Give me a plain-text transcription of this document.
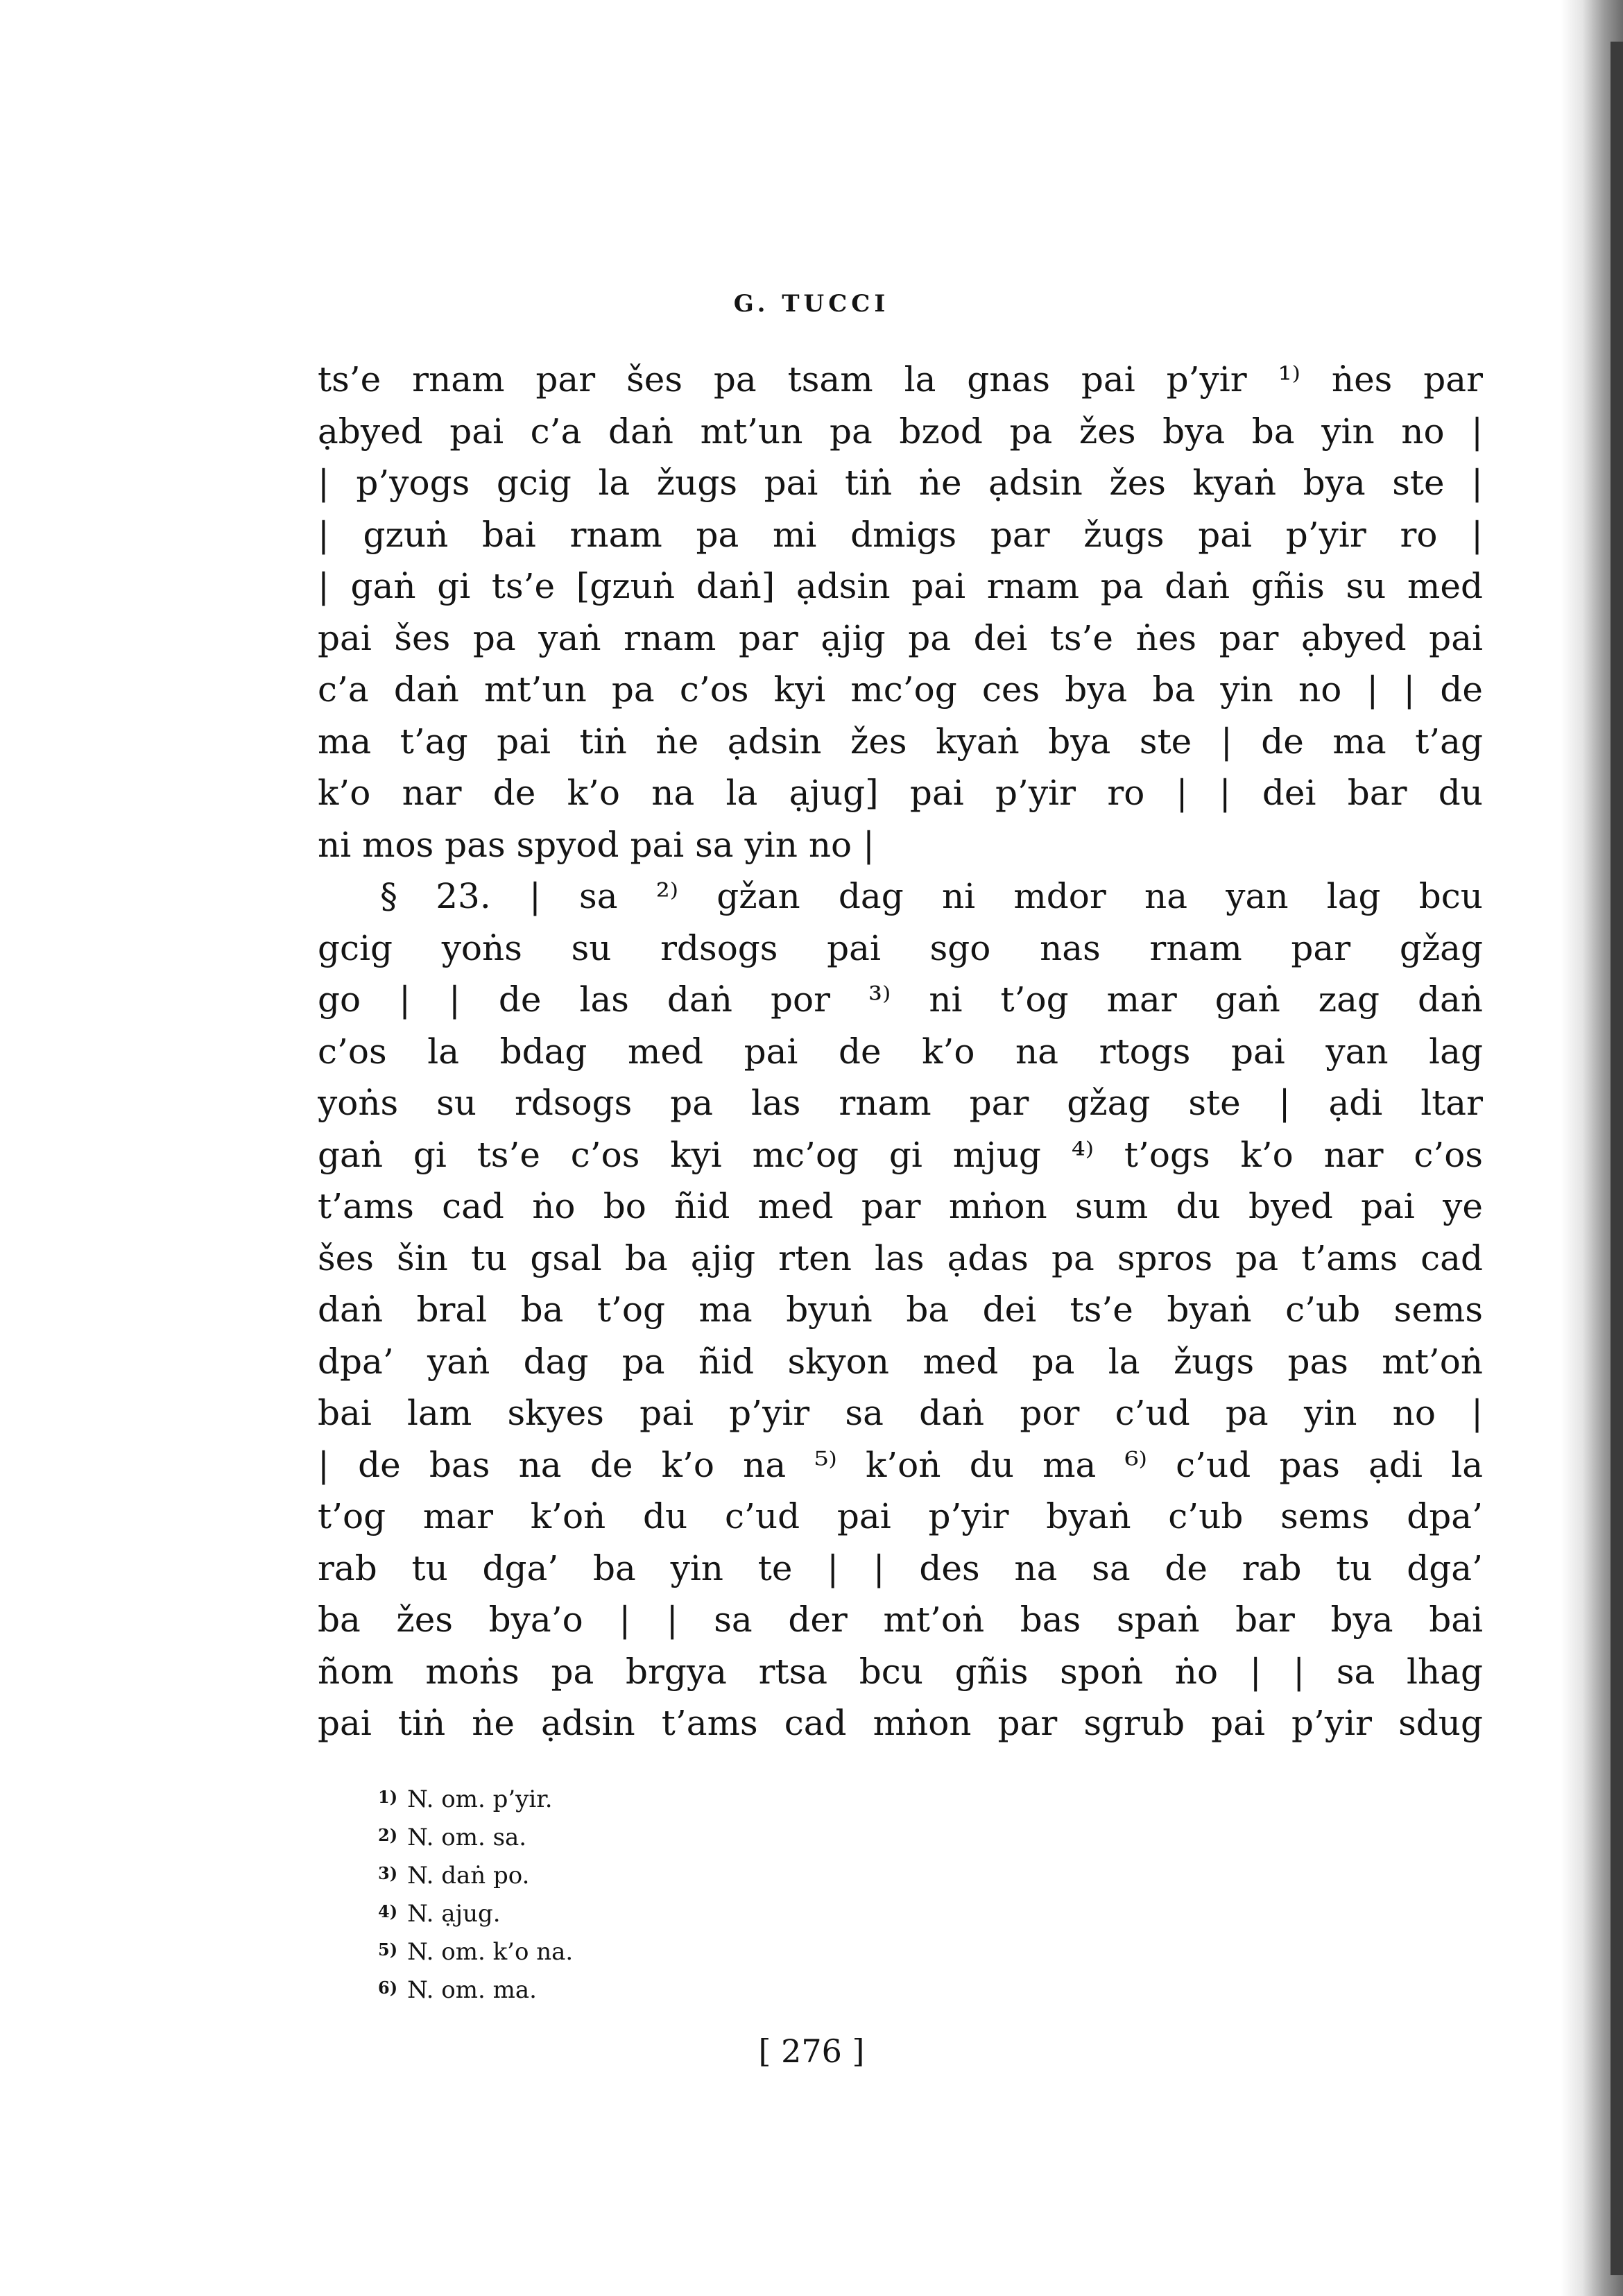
G. TUCCI
ts’e rnam par šes pa tsam la gnas pai p’yir ¹⁾ ṅes par
ạbyed pai c’a daṅ mt’un pa bzod pa žes bya ba yin no |
| p’yogs gcig la žugs pai tiṅ ṅe ạdsin žes kyaṅ bya ste |
| gzuṅ bai rnam pa mi dmigs par žugs pai p’yir ro |
| gaṅ gi ts’e [gzuṅ daṅ] ạdsin pai rnam pa daṅ gñis su med
pai šes pa yaṅ rnam par ạjig pa dei ts’e ṅes par ạbyed pai
c’a daṅ mt’un pa c’os kyi mc’og ces bya ba yin no | | de
ma t’ag pai tiṅ ṅe ạdsin žes kyaṅ bya ste | de ma t’ag
k’o nar de k’o na la ạjug] pai p’yir ro | | dei bar du
ni mos pas spyod pai sa yin no |
§ 23. | sa ²⁾ gžan dag ni mdor na yan lag bcu
gcig yoṅs su rdsogs pai sgo nas rnam par gžag
go | | de las daṅ por ³⁾ ni t’og mar gaṅ zag daṅ
c’os la bdag med pai de k’o na rtogs pai yan lag
yoṅs su rdsogs pa las rnam par gžag ste | ạdi ltar
gaṅ gi ts’e c’os kyi mc’og gi mjug ⁴⁾ t’ogs k’o nar c’os
t’ams cad ṅo bo ñid med par mṅon sum du byed pai ye
šes šin tu gsal ba ạjig rten las ạdas pa spros pa t’ams cad
daṅ bral ba t’og ma byuṅ ba dei ts’e byaṅ c’ub sems
dpa’ yaṅ dag pa ñid skyon med pa la žugs pas mt’oṅ
bai lam skyes pai p’yir sa daṅ por c’ud pa yin no |
| de bas na de k’o na ⁵⁾ k’oṅ du ma ⁶⁾ c’ud pas ạdi la
t’og mar k’oṅ du c’ud pai p’yir byaṅ c’ub sems dpa’
rab tu dga’ ba yin te | | des na sa de rab tu dga’
ba žes bya’o | | sa der mt’oṅ bas spaṅ bar bya bai
ñom moṅs pa brgya rtsa bcu gñis spoṅ ṅo | | sa lhag
pai tiṅ ṅe ạdsin t’ams cad mṅon par sgrub pai p’yir sdug
1) N. om. p’yir.
2) N. om. sa.
3) N. daṅ po.
4) N. ạjug.
5) N. om. k’o na.
6) N. om. ma.
[ 276 ]
